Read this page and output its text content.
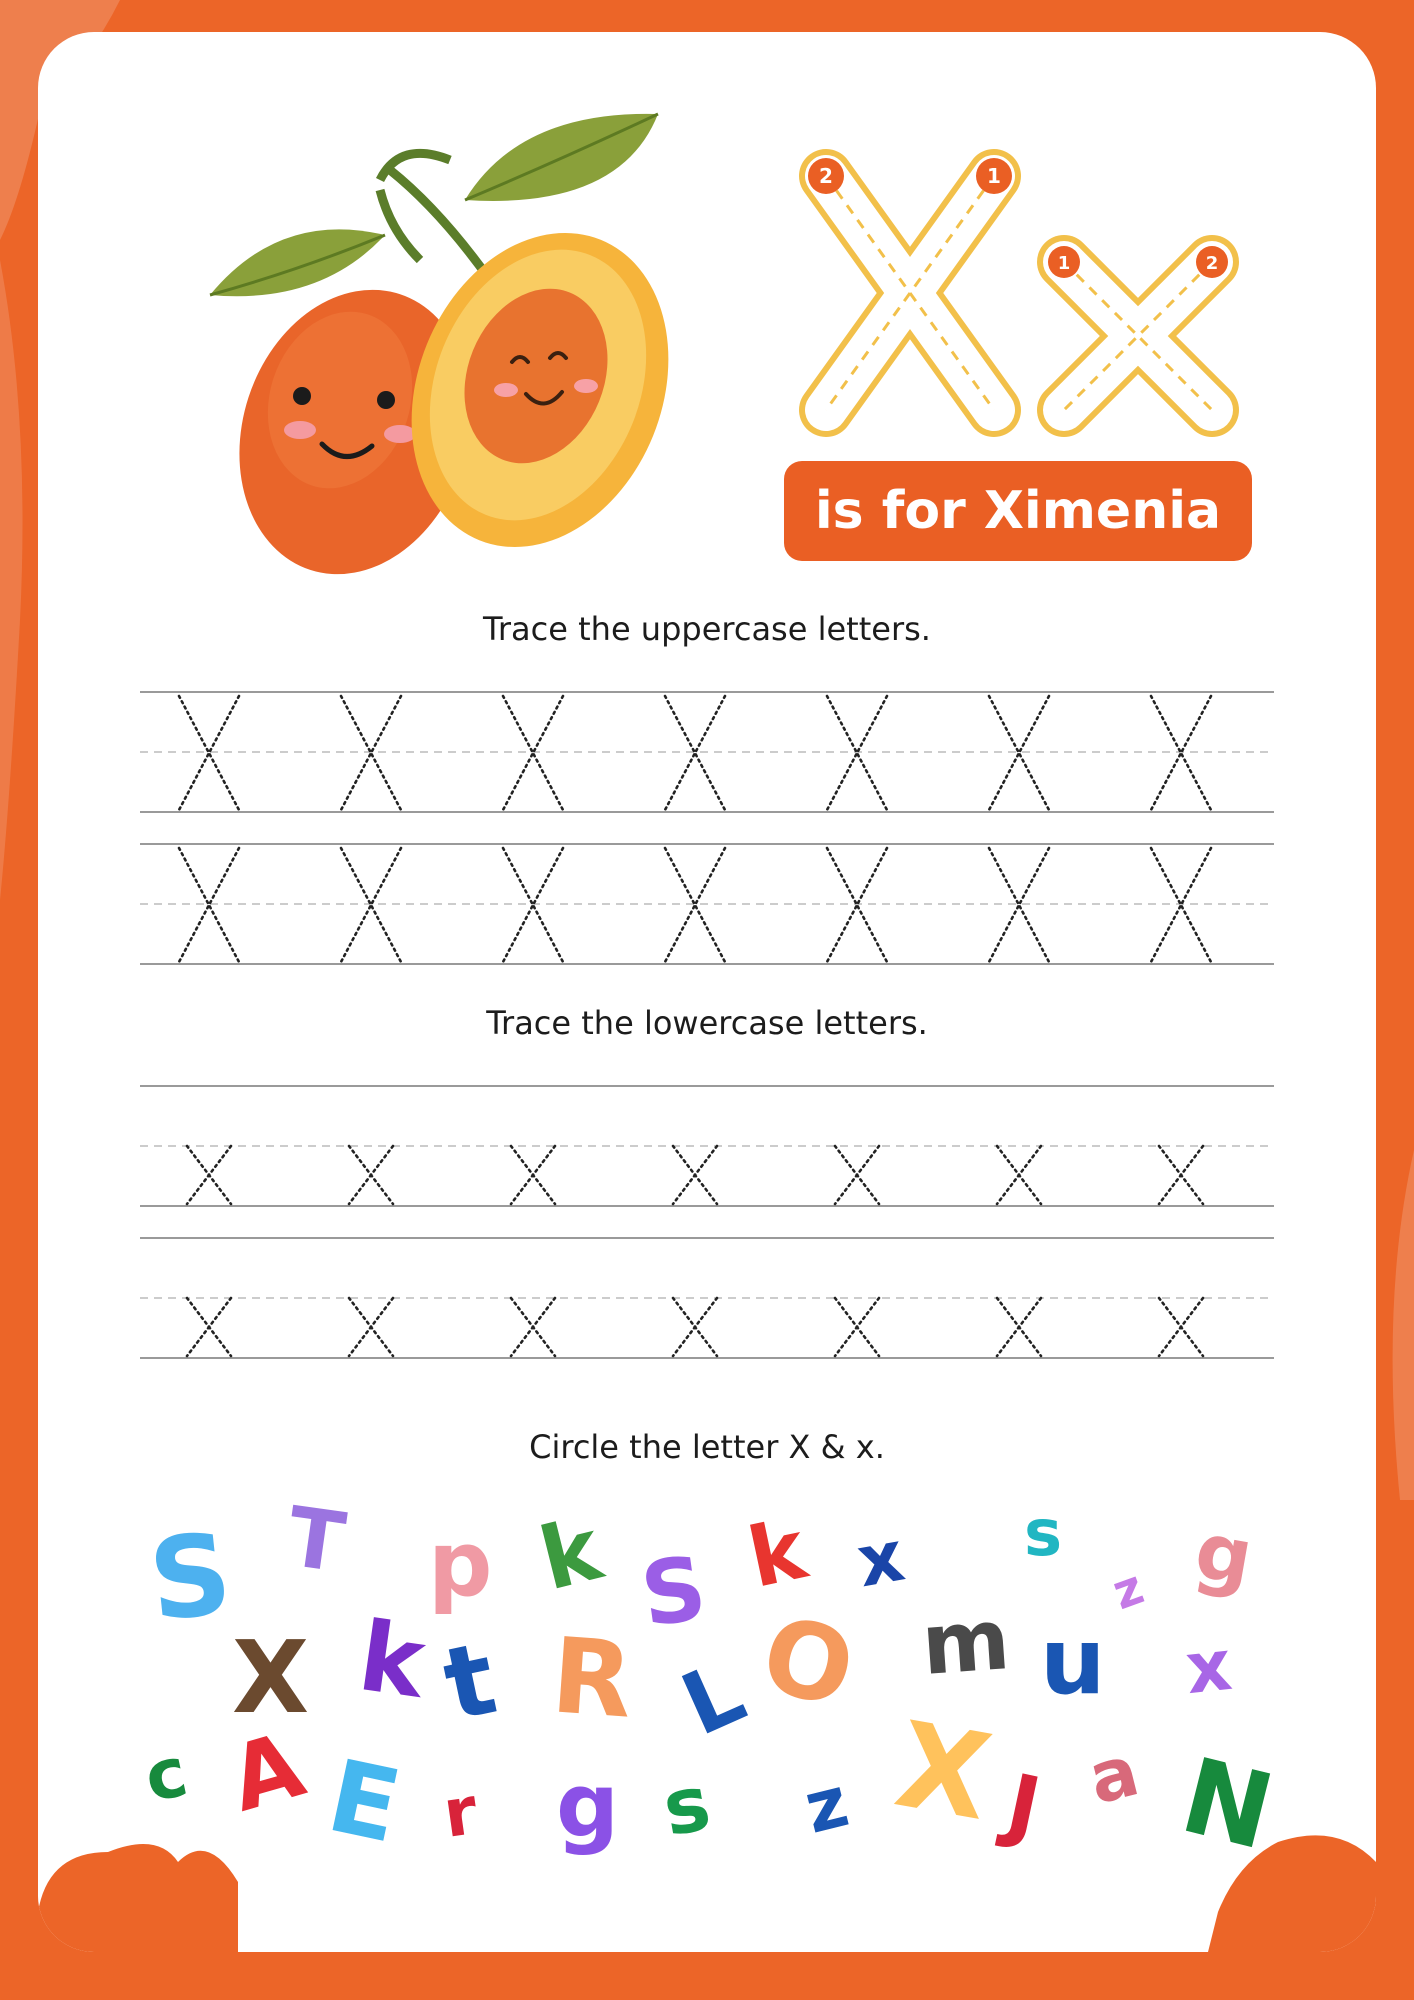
2	1
1	2
is for Ximenia
Trace the uppercase letters.
Trace the lowercase letters.
Circle the letter X & x.
S T p k S k x s
z g
X k t R L
O m u x
c A E r g s z X
J a N
